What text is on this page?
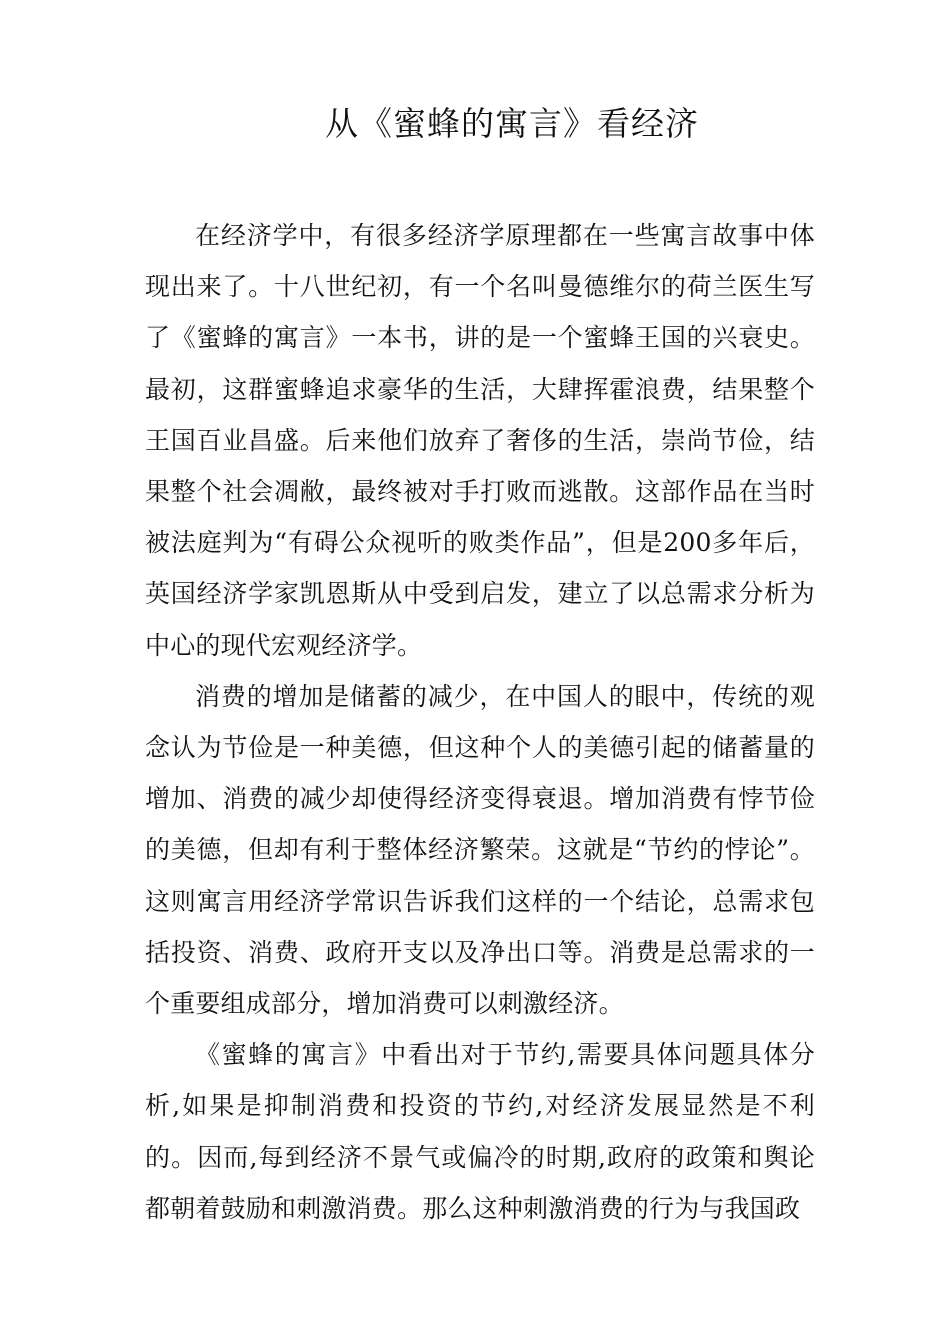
从《蜜蜂的寓言》看经济

在经济学中，有很多经济学原理都在一些寓言故事中体现出来了。十八世纪初，有一个名叫曼德维尔的荷兰医生写了《蜜蜂的寓言》一本书，讲的是一个蜜蜂王国的兴衰史。最初，这群蜜蜂追求豪华的生活，大肆挥霍浪费，结果整个王国百业昌盛。后来他们放弃了奢侈的生活，崇尚节俭，结果整个社会凋敝，最终被对手打败而逃散。这部作品在当时被法庭判为“有碍公众视听的败类作品”，但是200多年后，英国经济学家凯恩斯从中受到启发，建立了以总需求分析为中心的现代宏观经济学。

消费的增加是储蓄的减少，在中国人的眼中，传统的观念认为节俭是一种美德，但这种个人的美德引起的储蓄量的增加、消费的减少却使得经济变得衰退。增加消费有悖节俭的美德，但却有利于整体经济繁荣。这就是“节约的悖论”。这则寓言用经济学常识告诉我们这样的一个结论，总需求包括投资、消费、政府开支以及净出口等。消费是总需求的一个重要组成部分，增加消费可以刺激经济。

《蜜蜂的寓言》中看出对于节约,需要具体问题具体分析,如果是抑制消费和投资的节约,对经济发展显然是不利的。因而,每到经济不景气或偏冷的时期,政府的政策和舆论都朝着鼓励和刺激消费。那么这种刺激消费的行为与我国政
